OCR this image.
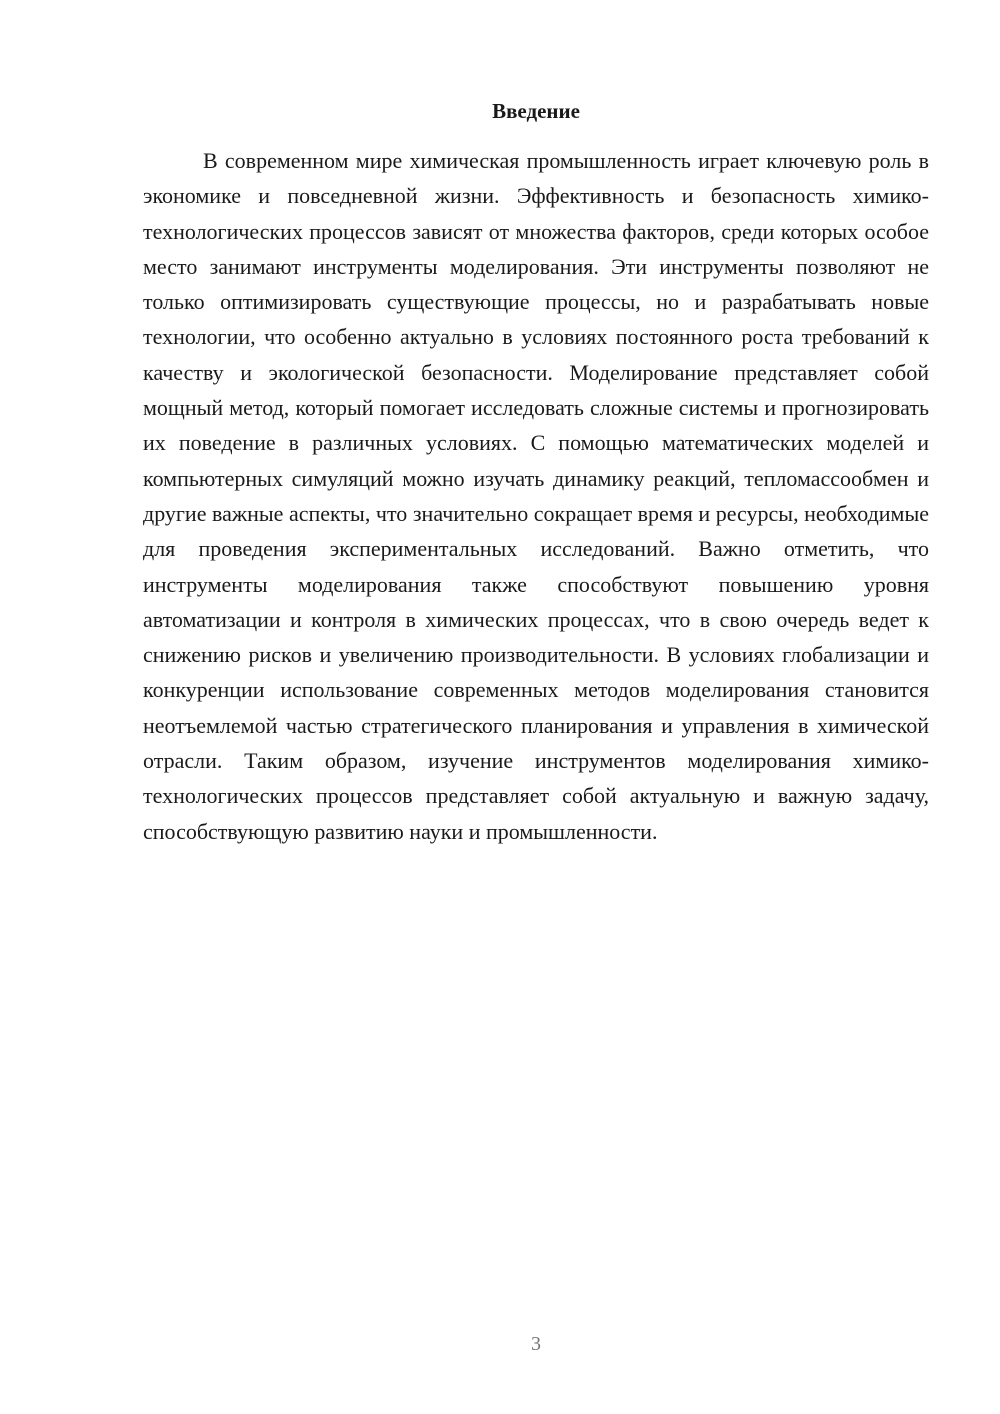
Введение

В современном мире химическая промышленность играет ключевую роль в экономике и повседневной жизни. Эффективность и безопасность химико-технологических процессов зависят от множества факторов, среди которых особое место занимают инструменты моделирования. Эти инструменты позволяют не только оптимизировать существующие процессы, но и разрабатывать новые технологии, что особенно актуально в условиях постоянного роста требований к качеству и экологической безопасности. Моделирование представляет собой мощный метод, который помогает исследовать сложные системы и прогнозировать их поведение в различных условиях. С помощью математических моделей и компьютерных симуляций можно изучать динамику реакций, тепломассообмен и другие важные аспекты, что значительно сокращает время и ресурсы, необходимые для проведения экспериментальных исследований. Важно отметить, что инструменты моделирования также способствуют повышению уровня автоматизации и контроля в химических процессах, что в свою очередь ведет к снижению рисков и увеличению производительности. В условиях глобализации и конкуренции использование современных методов моделирования становится неотъемлемой частью стратегического планирования и управления в химической отрасли. Таким образом, изучение инструментов моделирования химико-технологических процессов представляет собой актуальную и важную задачу, способствующую развитию науки и промышленности.

3
